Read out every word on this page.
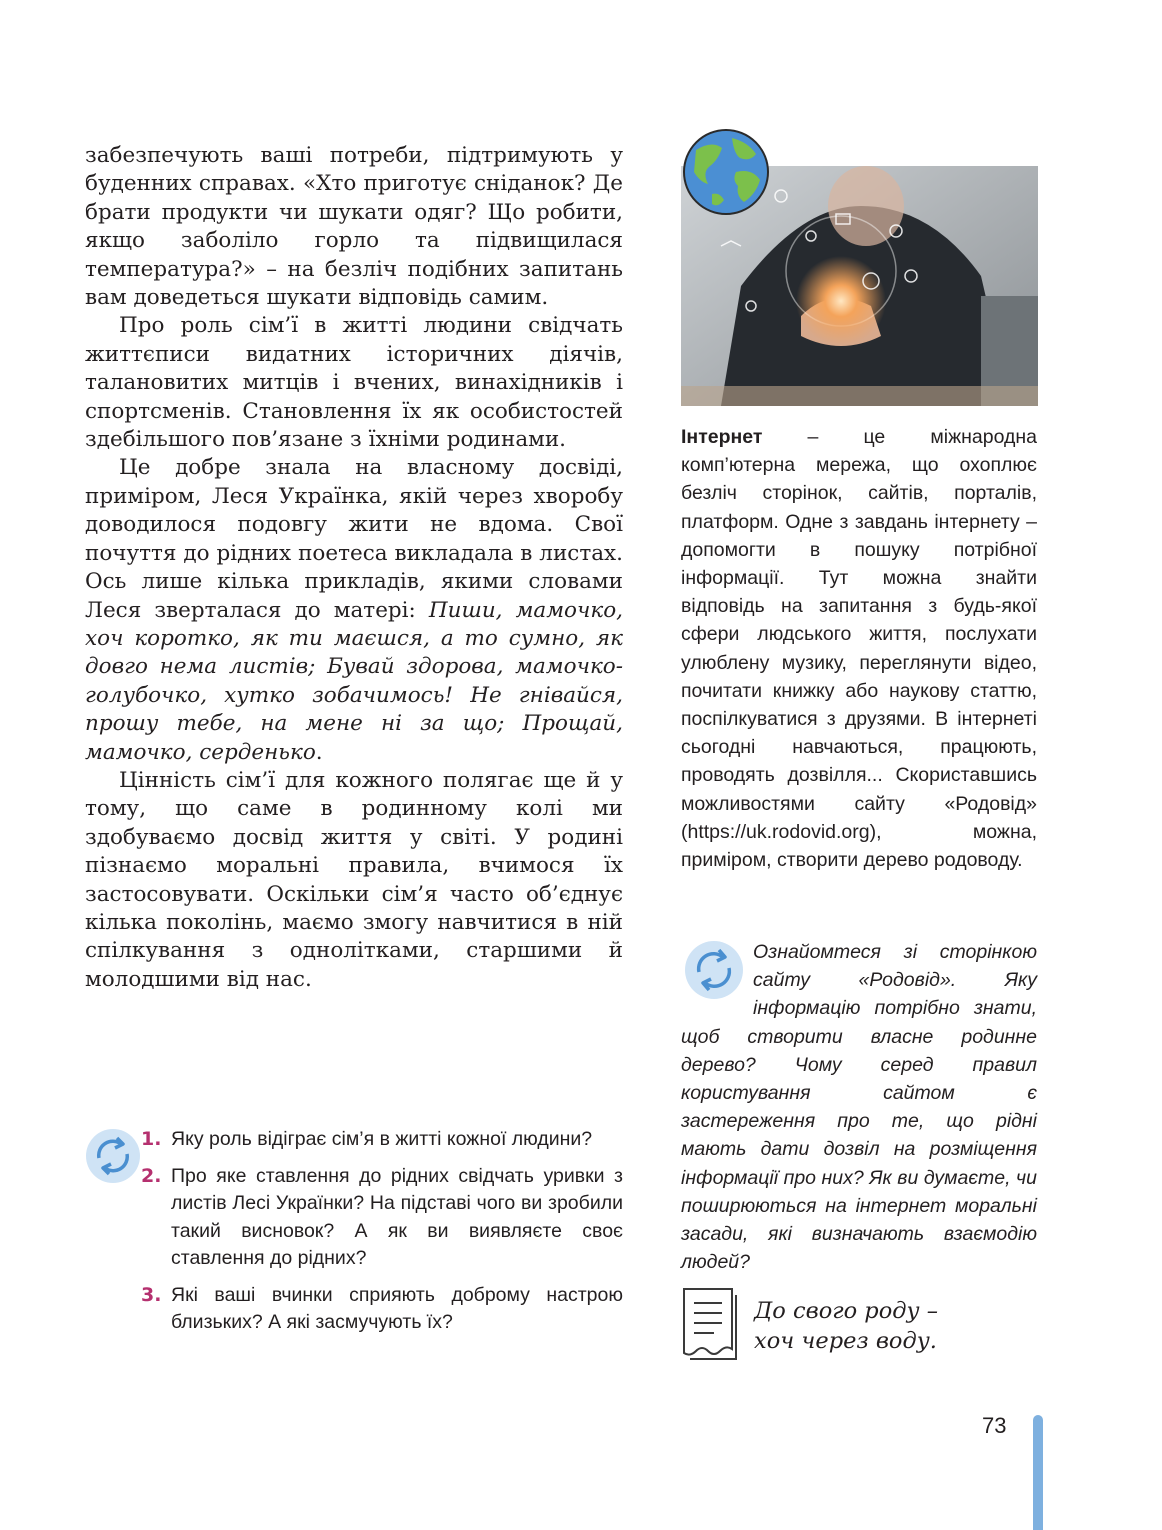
забезпечують ваші потреби, підтримують у буденних справах. «Хто приготує сніданок? Де брати продукти чи шукати одяг? Що робити, якщо заболіло горло та підвищилася температура?» – на безліч подібних запитань вам доведеться шукати відповідь самим.

Про роль сім’ї в житті людини свідчать життєписи видатних історичних діячів, талановитих митців і вчених, винахідників і спортсменів. Становлення їх як особистостей здебільшого пов’язане з їхніми родинами.

Це добре знала на власному досвіді, приміром, Леся Українка, якій через хворобу доводилося подовгу жити не вдома. Свої почуття до рідних поетеса викладала в листах. Ось лише кілька прикладів, якими словами Леся зверталася до матері: Пиши, мамочко, хоч коротко, як ти маєшся, а то сумно, як довго нема листів; Бувай здорова, мамочко-голубочко, хутко зобачимось! Не гнівайся, прошу тебе, на мене ні за що; Прощай, мамочко, серденько.

Цінність сім’ї для кожного полягає ще й у тому, що саме в родинному колі ми здобуваємо досвід життя у світі. У родині пізнаємо моральні правила, вчимося їх застосовувати. Оскільки сім’я часто об’єднує кілька поколінь, маємо змогу навчитися в ній спілкування з однолітками, старшими й молодшими від нас.

1. Яку роль відіграє сім’я в житті кожної людини?
2. Про яке ставлення до рідних свідчать уривки з листів Лесі Українки? На підставі чого ви зробили такий висновок? А як ви виявляєте своє ставлення до рідних?
3. Які ваші вчинки сприяють доброму настрою близьких? А які засмучують їх?

Інтернет – це міжнародна комп’ютерна мережа, що охоплює безліч сторінок, сайтів, порталів, платформ. Одне з завдань інтернету – допомогти в пошуку потрібної інформації. Тут можна знайти відповідь на запитання з будь-якої сфери людського життя, послухати улюблену музику, переглянути відео, почитати книжку або наукову статтю, поспілкуватися з друзями. В інтернеті сьогодні навчаються, працюють, проводять дозвілля... Скориставшись можливостями сайту «Родовід» (https://uk.rodovid.org), можна, приміром, створити дерево родоводу.

Ознайомтеся зі сторінкою сайту «Родовід». Яку інформацію потрібно знати, щоб створити власне родинне дерево? Чому серед правил користування сайтом є застереження про те, що рідні мають дати дозвіл на розміщення інформації про них? Як ви думаєте, чи поширюються на інтернет моральні засади, які визначають взаємодію людей?
До свого роду –
хоч через воду.
73
